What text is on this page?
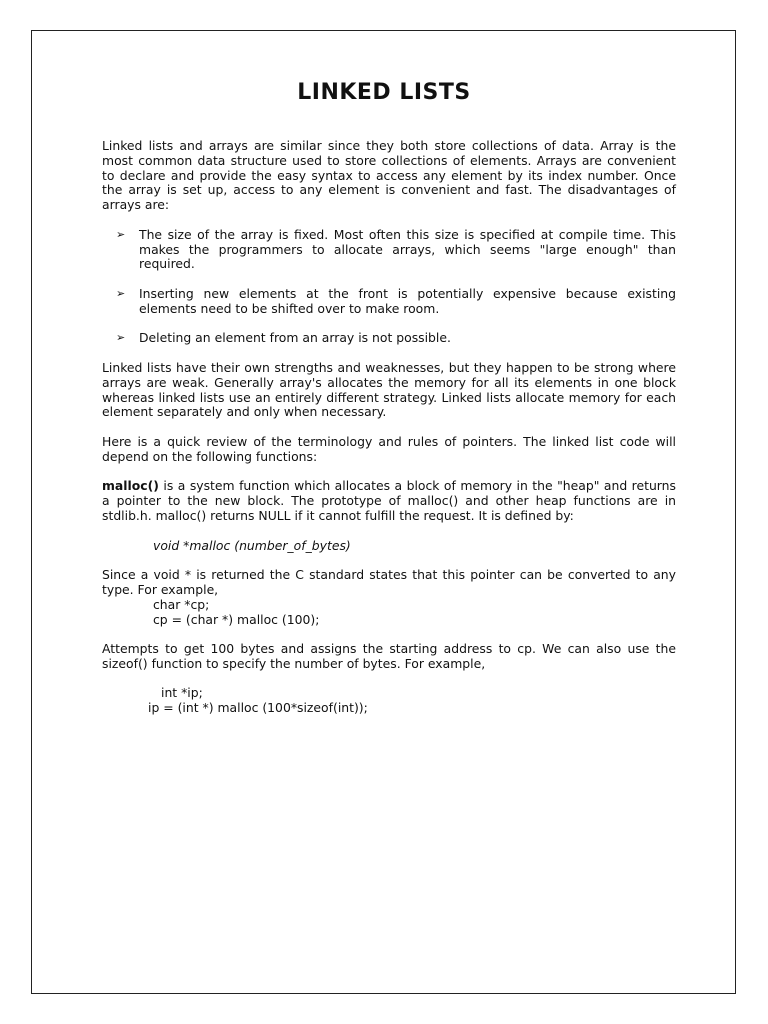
LINKED LISTS

Linked lists and arrays are similar since they both store collections of data. Array is the most common data structure used to store collections of elements. Arrays are convenient to declare and provide the easy syntax to access any element by its index number. Once the array is set up, access to any element is convenient and fast. The disadvantages of arrays are:

➢ The size of the array is fixed. Most often this size is specified at compile time. This makes the programmers to allocate arrays, which seems "large enough" than required.
➢ Inserting new elements at the front is potentially expensive because existing elements need to be shifted over to make room.
➢ Deleting an element from an array is not possible.

Linked lists have their own strengths and weaknesses, but they happen to be strong where arrays are weak. Generally array's allocates the memory for all its elements in one block whereas linked lists use an entirely different strategy. Linked lists allocate memory for each element separately and only when necessary.

Here is a quick review of the terminology and rules of pointers. The linked list code will depend on the following functions:

malloc() is a system function which allocates a block of memory in the "heap" and returns a pointer to the new block. The prototype of malloc() and other heap functions are in stdlib.h. malloc() returns NULL if it cannot fulfill the request. It is defined by:

void *malloc (number_of_bytes)

Since a void * is returned the C standard states that this pointer can be converted to any type. For example,
char *cp;
cp = (char *) malloc (100);

Attempts to get 100 bytes and assigns the starting address to cp. We can also use the sizeof() function to specify the number of bytes. For example,

int *ip;
ip = (int *) malloc (100*sizeof(int));
